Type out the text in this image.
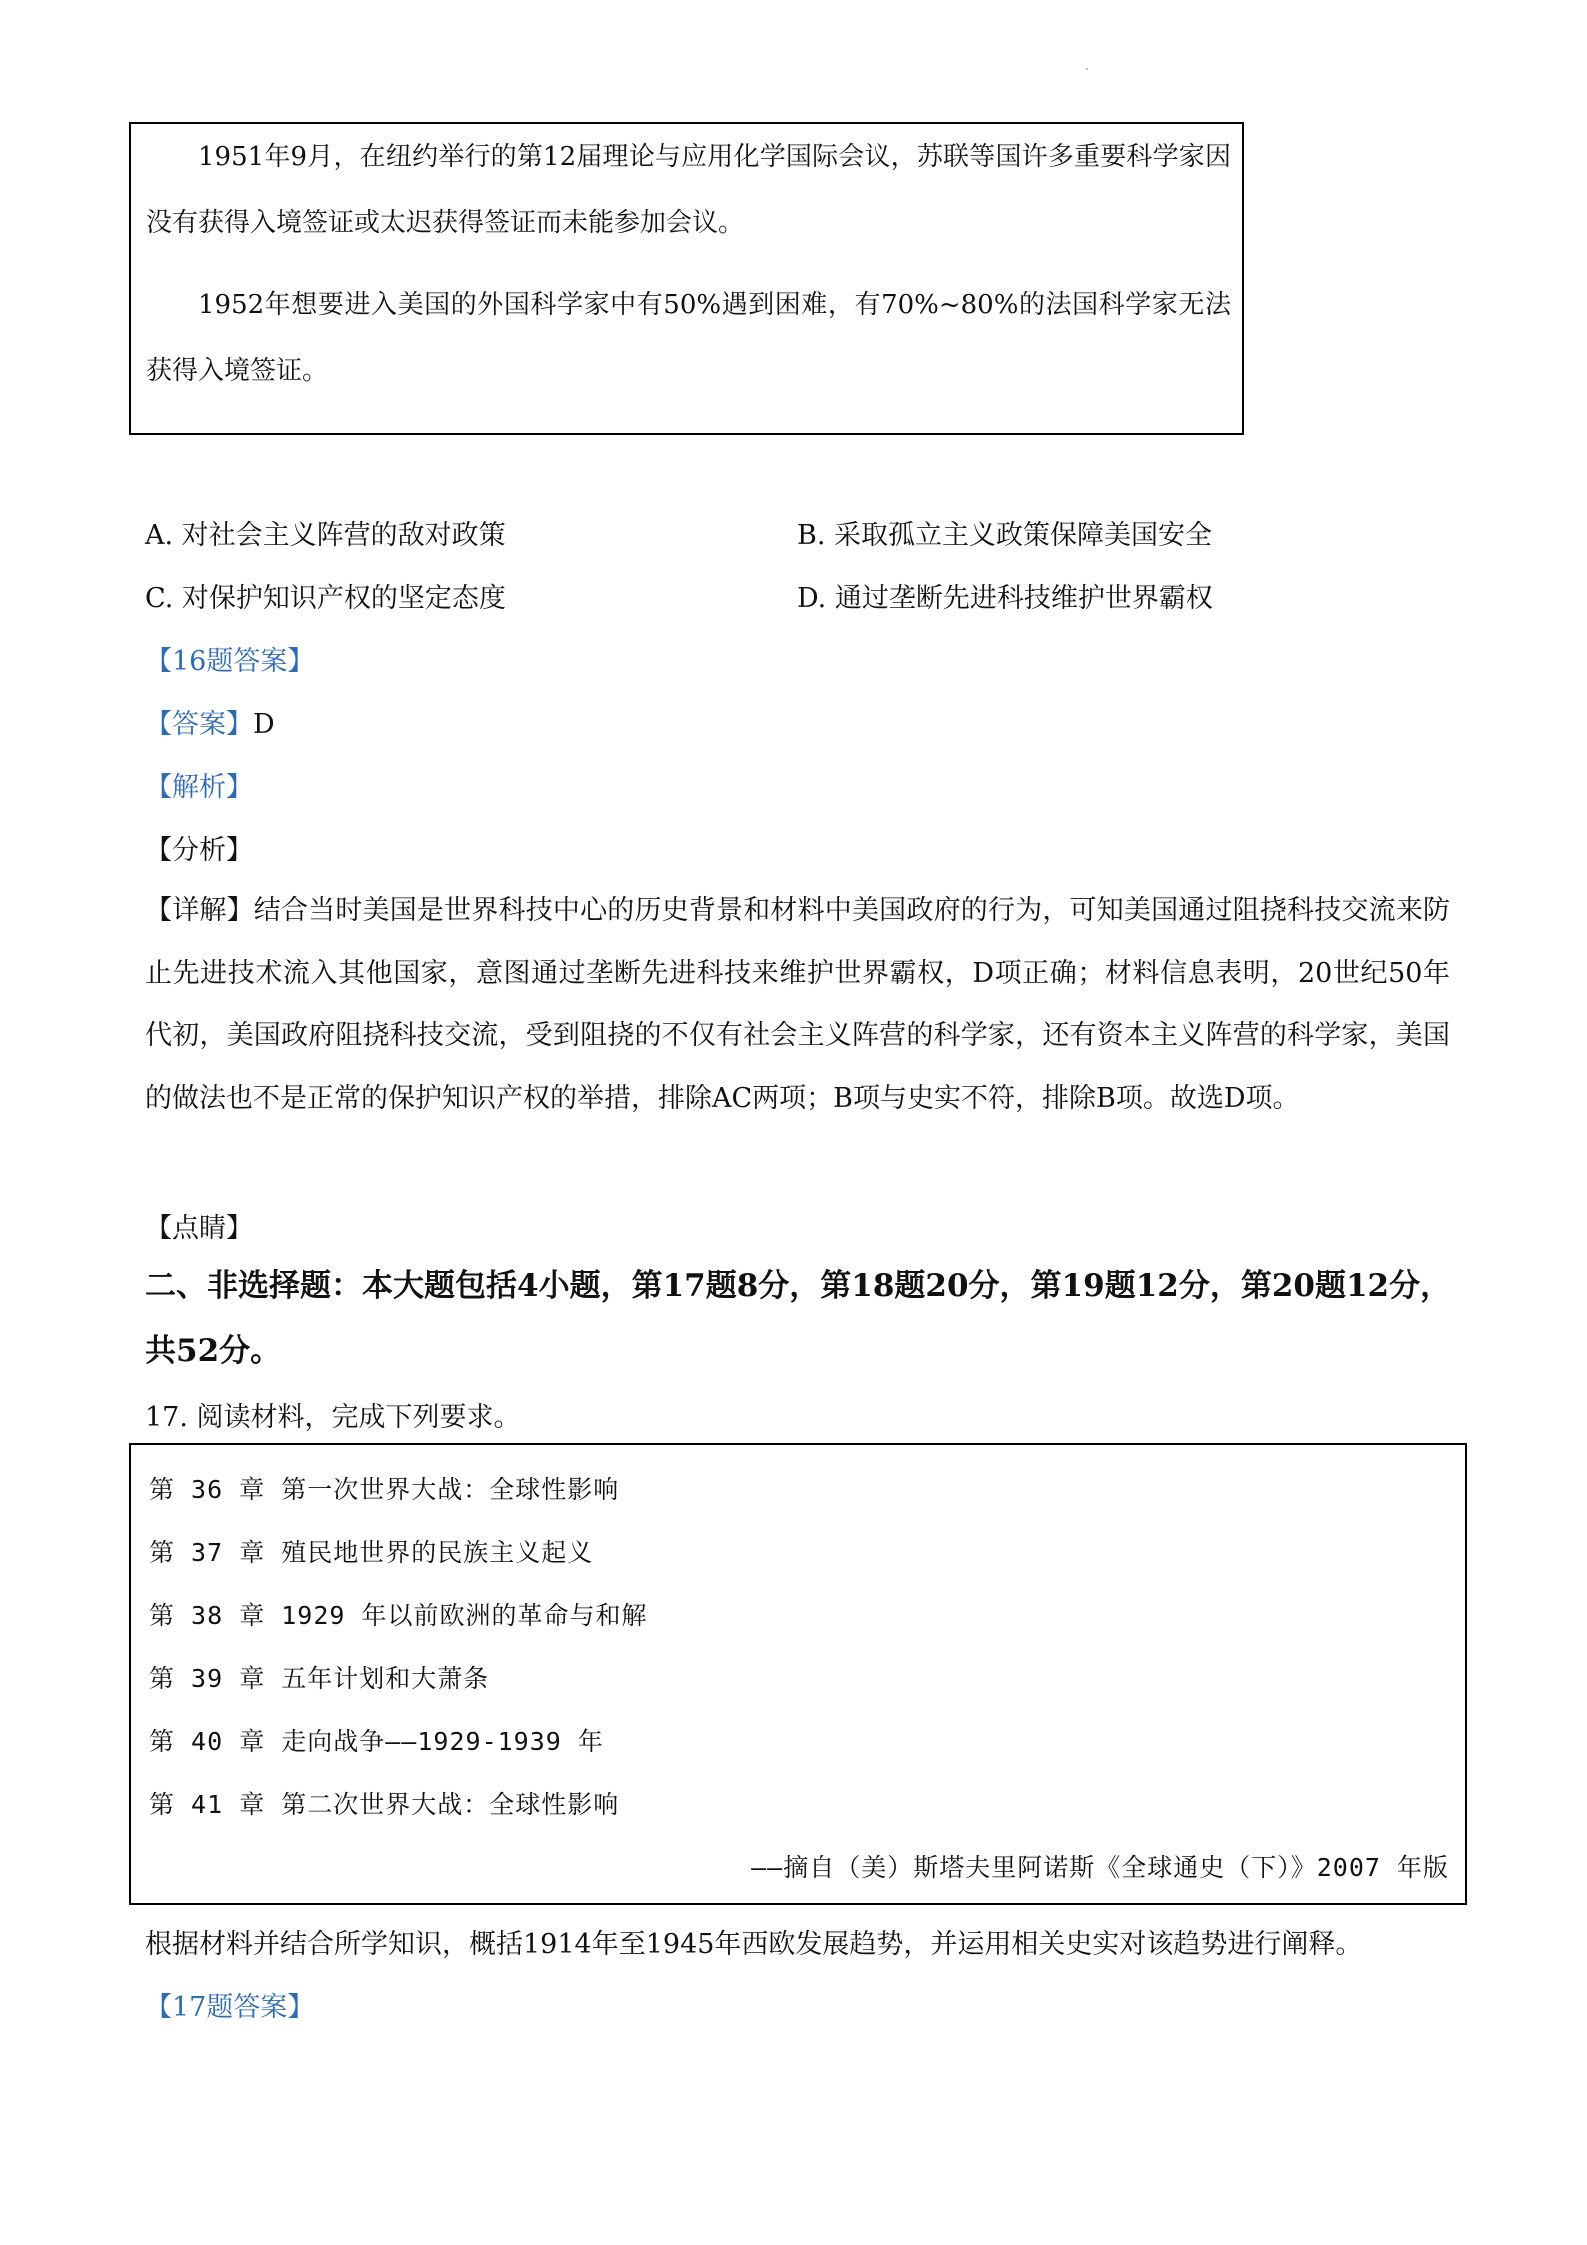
1951年9月，在纽约举行的第12届理论与应用化学国际会议，苏联等国许多重要科学家因没有获得入境签证或太迟获得签证而未能参加会议。

1952年想要进入美国的外国科学家中有50%遇到困难，有70%~80%的法国科学家无法获得入境签证。

A. 对社会主义阵营的敌对政策	B. 采取孤立主义政策保障美国安全
C. 对保护知识产权的坚定态度	D. 通过垄断先进科技维护世界霸权
【16题答案】
【答案】D
【解析】
【分析】
【详解】结合当时美国是世界科技中心的历史背景和材料中美国政府的行为，可知美国通过阻挠科技交流来防止先进技术流入其他国家，意图通过垄断先进科技来维护世界霸权，D项正确；材料信息表明，20世纪50年代初，美国政府阻挠科技交流，受到阻挠的不仅有社会主义阵营的科学家，还有资本主义阵营的科学家，美国的做法也不是正常的保护知识产权的举措，排除AC两项；B项与史实不符，排除B项。故选D项。
【点睛】
二、非选择题：本大题包括4小题，第17题8分，第18题20分，第19题12分，第20题12分，共52分。
17. 阅读材料，完成下列要求。
第 36 章 第一次世界大战：全球性影响
第 37 章 殖民地世界的民族主义起义
第 38 章 1929 年以前欧洲的革命与和解
第 39 章 五年计划和大萧条
第 40 章 走向战争——1929-1939 年
第 41 章 第二次世界大战：全球性影响
——摘自（美）斯塔夫里阿诺斯《全球通史（下）》2007 年版
根据材料并结合所学知识，概括1914年至1945年西欧发展趋势，并运用相关史实对该趋势进行阐释。
【17题答案】
